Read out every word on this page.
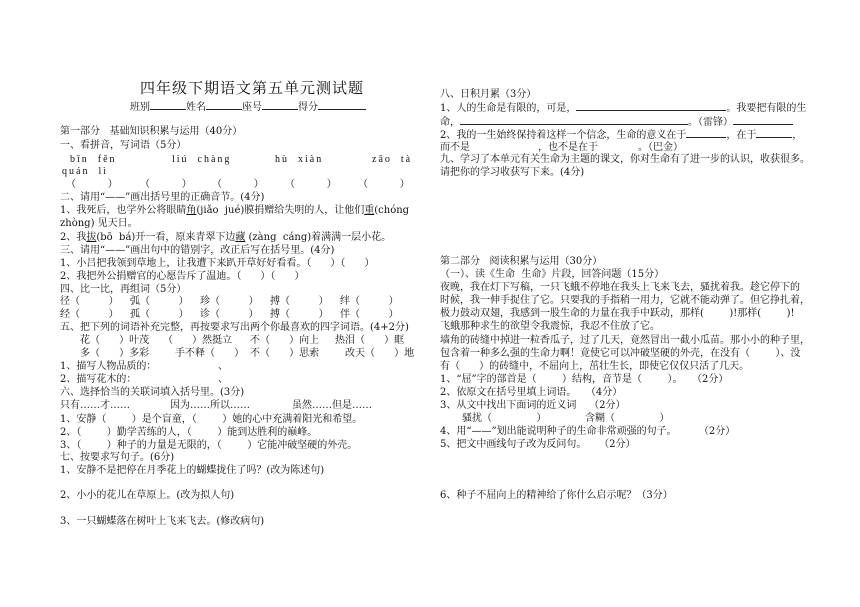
四年级下期语文第五单元测试题
班别	姓名	座号	得分
第一部分   基础知识积累与运用（40分）
一、看拼音，写词语（5分）
bīn  fēn	liú  chàng	hù  xiàn	zāo  tà
quán  lì
（          ） （          ） （          ） （          ） （          ）
二、请用“——”画出括号里的正确音节。(4分)
1、我死后，也学外公将眼睛角(jiǎo  jué)膜捐赠给失明的人，让他们重(chóng
zhòng) 见天日。
2、我拔(bō  bá)开一看，原来青翠下边藏 (zàng  cáng)着满满一层小花。
三、请用“——”画出句中的错别字，改正后写在括号里。(4分)
1、小吕把我领到草地上，让我遭下来趴开草好好看看。（      ）（      ）
2、我把外公捐赠官的心愿告斥了温迪。（      ）（      ）
四、比一比，再组词（5分）
径（         ） 弧（         ） 珍（         ） 搏（         ） 绊（         ）
经（         ） 孤（         ） 诊（         ） 搏（         ） 伴（         ）
五、把下列的词语补充完整，再按要求写出两个你最喜欢的四字词语。(4+2分)
花（      ）叶茂 （      ）然挺立 不（      ）向上 热泪（      ）眶
多（      ）多彩	手不释（      ） 不（      ）思索	改天（      ）地
1、描写人物品质的：	、
2、描写花木的：	、
六、选择恰当的关联词填入括号里。(3分)
只有……才……	因为……所以……	虽然……但是……
1、安静（        ）是个盲童，（        ）她的心中充满着阳光和希望。
2、（        ）勤学苦练的人，（        ）能到达胜利的巅峰。
3、（        ）种子的力量是无限的，（        ）它能冲破坚硬的外壳。
七、按要求写句子。(6分)
1、安静不是把停在月季花上的蝴蝶拢住了吗？(改为陈述句)
2、小小的花儿在草原上。(改为拟人句)
3、一只蝴蝶落在树叶上飞来飞去。(修改病句)
八、日积月累（3分）
1、人的生命是有限的，可是，	。我要把有限的生
命，	。（雷锋）
2、我的一生始终保持着这样一个信念，生命的意义在于	，在于	，
而不是	，也不是在于	。（巴金）
九、学习了本单元有关生命为主题的课文，你对生命有了进一步的认识，收获很多。
请把你的学习收获写下来。(4分)
第二部分   阅读积累与运用（30分）
（一）、读《生命  生命》片段，回答问题（15分）
夜晚，我在灯下写稿，一只飞蛾不停地在我头上飞来飞去，骚扰着我。趁它停下的
时候，我一伸手捉住了它。只要我的手指稍一用力，它就不能动弹了。但它挣扎着，
极力鼓动双翅，我感到一股生命的力量在我手中跃动，那样(        )!那样(        )!
飞蛾那种求生的欲望令我震惊，我忍不住放了它。
墙角的砖缝中掉进一粒香瓜子，过了几天，竟然冒出一截小瓜苗。那小小的种子里，
包含着一种多么强的生命力啊！竟使它可以冲破坚硬的外壳，在没有（        ）、没
有（      ）的砖缝中，不屈向上，茁壮生长，即使它仅仅只活了几天。
1、“屈”字的部首是（        ）结构，音节是（        ）。   （2分）
2、依原文在括号里填上词语。   （4分）
3、从文中找出下面词的近义词    （2分）
骚扰（              ）	含糊（              ）
4、用“——”划出能说明种子的生命非常顽强的句子。       （2分）
5、把文中画线句子改为反问句。    （2分）
6、种子不屈向上的精神给了你什么启示呢？（3分）
